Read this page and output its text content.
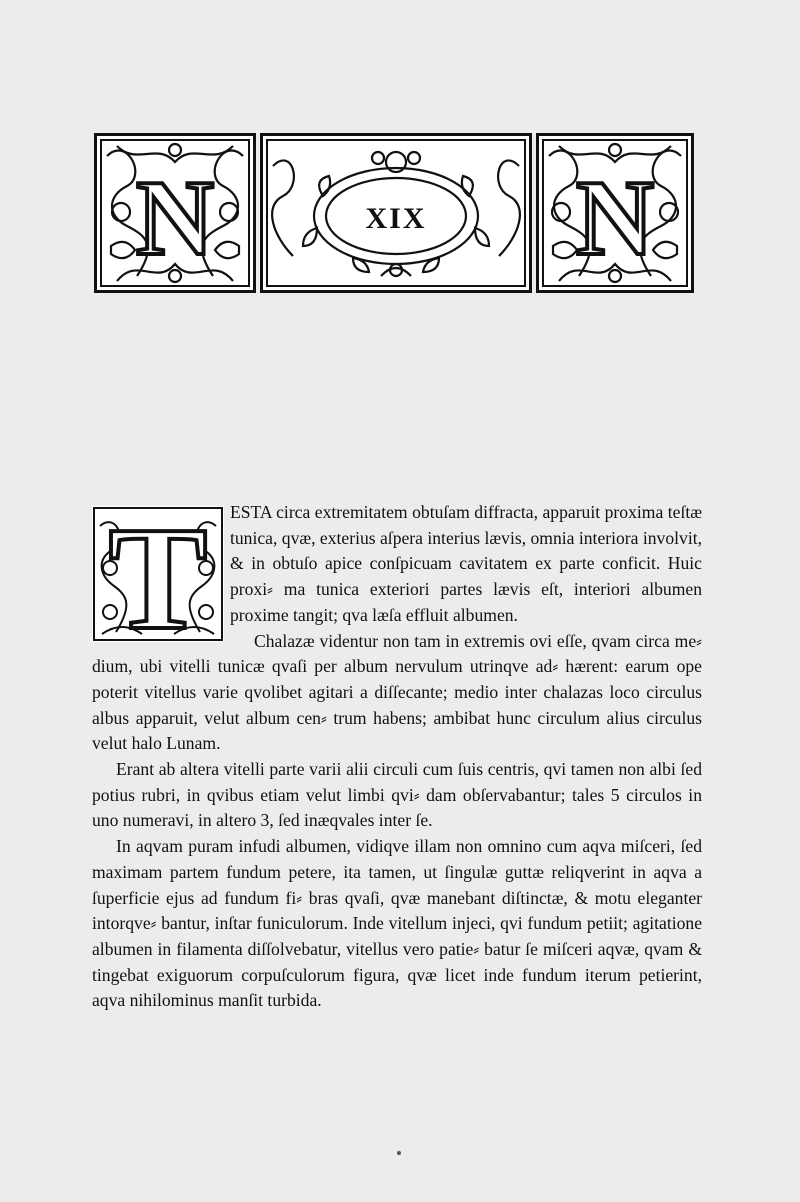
N	XIX N
T	ESTA circa extremitatem obtuſam diffracta, apparuit proxima teſtæ tunica, qvæ, exterius aſpera interius lævis, omnia interiora involvit, & in obtuſo apice conſpicuam cavitatem ex parte conficit. Huic proxi⸗ ma tunica exteriori partes lævis eſt, interiori albumen proxime tangit; qva læſa effluit albumen.

Chalazæ videntur non tam in extremis ovi eſſe, qvam circa me⸗ dium, ubi vitelli tunicæ qvaſi per album nervulum utrinqve ad⸗ hærent: earum ope poterit vitellus varie qvolibet agitari a diſſecante; medio inter chalazas loco circulus albus apparuit, velut album cen⸗ trum habens; ambibat hunc circulum alius circulus velut halo Lunam.

Erant ab altera vitelli parte varii alii circuli cum ſuis centris, qvi tamen non albi ſed potius rubri, in qvibus etiam velut limbi qvi⸗ dam obſervabantur; tales 5 circulos in uno numeravi, in altero 3, ſed inæqvales inter ſe.

In aqvam puram infudi albumen, vidiqve illam non omnino cum aqva miſceri, ſed maximam partem fundum petere, ita tamen, ut ſingulæ guttæ reliqverint in aqva a ſuperficie ejus ad fundum fi⸗ bras qvaſi, qvæ manebant diſtinctæ, & motu eleganter intorqve⸗ bantur, inſtar funiculorum. Inde vitellum injeci, qvi fundum petiit; agitatione albumen in filamenta diſſolvebatur, vitellus vero patie⸗ batur ſe miſceri aqvæ, qvam & tingebat exiguorum corpuſculorum figura, qvæ licet inde fundum iterum petierint, aqva nihilominus manſit turbida.
